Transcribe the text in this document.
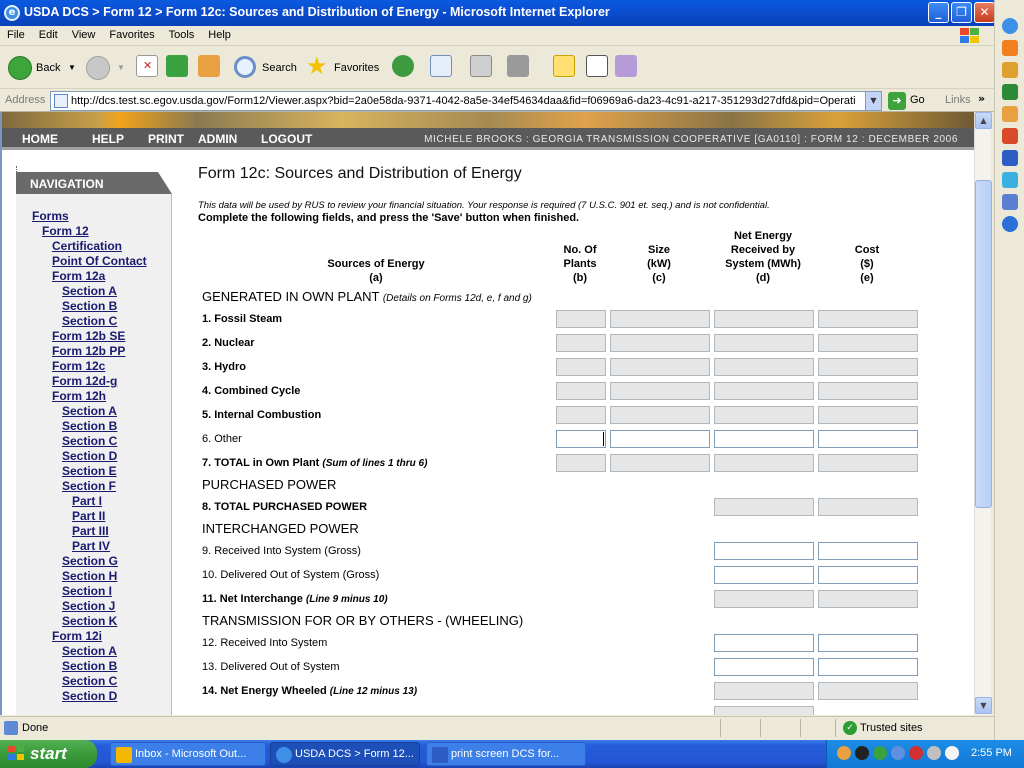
e USDA DCS > Form 12 > Form 12c: Sources and Distribution of Energy - Microsoft Internet Explorer	_	❐	✕
File Edit View Favorites Tools Help
Back ▼	▼ ✕	Search ★ Favorites
Address http://dcs.test.sc.egov.usda.gov/Form12/Viewer.aspx?bid=2a0e58da-9371-4042-8a5e-34ef54634daa&fid=f06969a6-da23-4c91-a217-351293d27dfd&pid=Operati	▼	➜ Go Links »
HOME	HELP PRINT ADMIN LOGOUT	MICHELE BROOKS : GEORGIA TRANSMISSION COOPERATIVE [GA0110] : FORM 12 : DECEMBER 2006
NAVIGATION
Forms
Form 12
Certification
Point Of Contact
Form 12a
Section A
Section B
Section C
Form 12b SE
Form 12b PP
Form 12c
Form 12d-g
Form 12h
Section A
Section B
Section C
Section D
Section E
Section F
Part I
Part II
Part III
Part IV
Section G
Section H
Section I
Section J
Section K
Form 12i
Section A
Section B
Section C
Section D
Form 12c: Sources and Distribution of Energy
This data will be used by RUS to review your financial situation. Your response is required (7 U.S.C. 901 et. seq.) and is not confidential.
Complete the following fields, and press the 'Save' button when finished.
Sources of Energy
(a)
No. Of
Plants
(b)
Size
(kW)
(c)
Net Energy
Received by
System (MWh)
(d)
Cost
($)
(e)
GENERATED IN OWN PLANT (Details on Forms 12d, e, f and g)
1. Fossil Steam
2. Nuclear
3. Hydro
4. Combined Cycle
5. Internal Combustion
6. Other
7. TOTAL in Own Plant (Sum of lines 1 thru 6)
PURCHASED POWER
8. TOTAL PURCHASED POWER
INTERCHANGED POWER
9. Received Into System (Gross)
10. Delivered Out of System (Gross)
11. Net Interchange (Line 9 minus 10)
TRANSMISSION FOR OR BY OTHERS - (WHEELING)
12. Received Into System
13. Delivered Out of System
14. Net Energy Wheeled (Line 12 minus 13)
▲
▼
Done	✓ Trusted sites
start	Inbox - Microsoft Out...	USDA DCS > Form 12...	print screen DCS for...	2:55 PM
